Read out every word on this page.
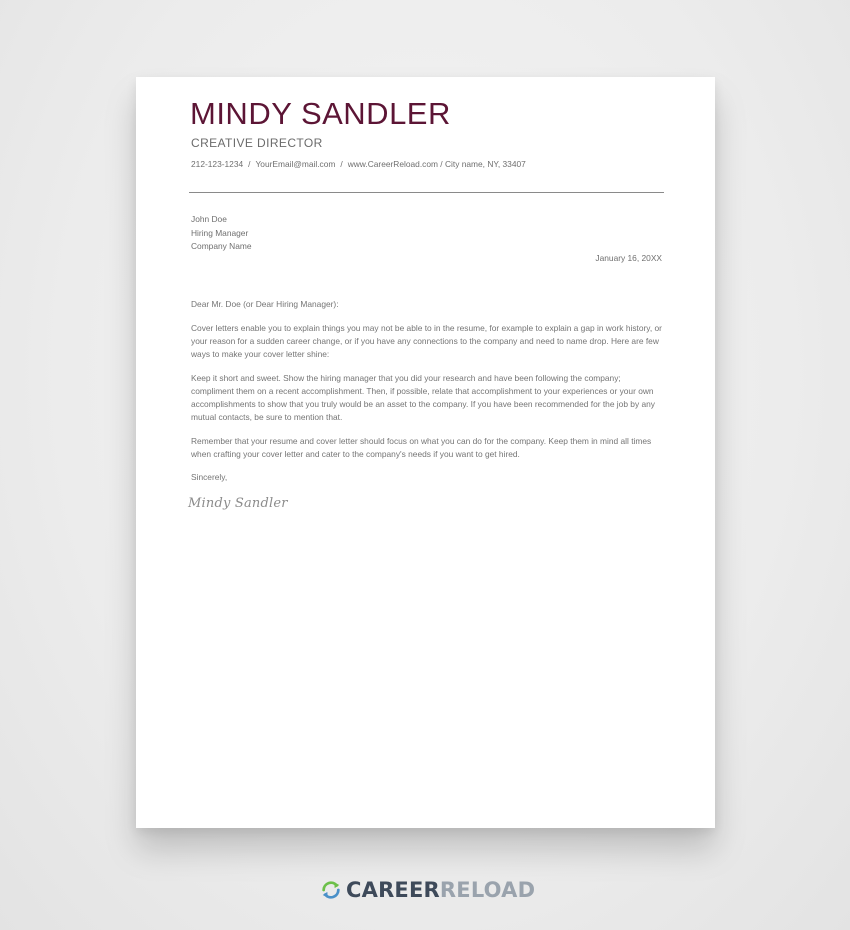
MINDY SANDLER
CREATIVE DIRECTOR
212-123-1234 / YourEmail@mail.com / www.CareerReload.com / City name, NY, 33407
John Doe
Hiring Manager
Company Name
January 16, 20XX

Dear Mr. Doe (or Dear Hiring Manager):

Cover letters enable you to explain things you may not be able to in the resume, for example to explain a gap in work history, or your reason for a sudden career change, or if you have any connections to the company and need to name drop. Here are few ways to make your cover letter shine:

Keep it short and sweet. Show the hiring manager that you did your research and have been following the company; compliment them on a recent accomplishment. Then, if possible, relate that accomplishment to your experiences or your own accomplishments to show that you truly would be an asset to the company. If you have been recommended for the job by any mutual contacts, be sure to mention that.

Remember that your resume and cover letter should focus on what you can do for the company. Keep them in mind all times when crafting your cover letter and cater to the company's needs if you want to get hired.

Sincerely,
Mindy Sandler
CAREERRELOAD
